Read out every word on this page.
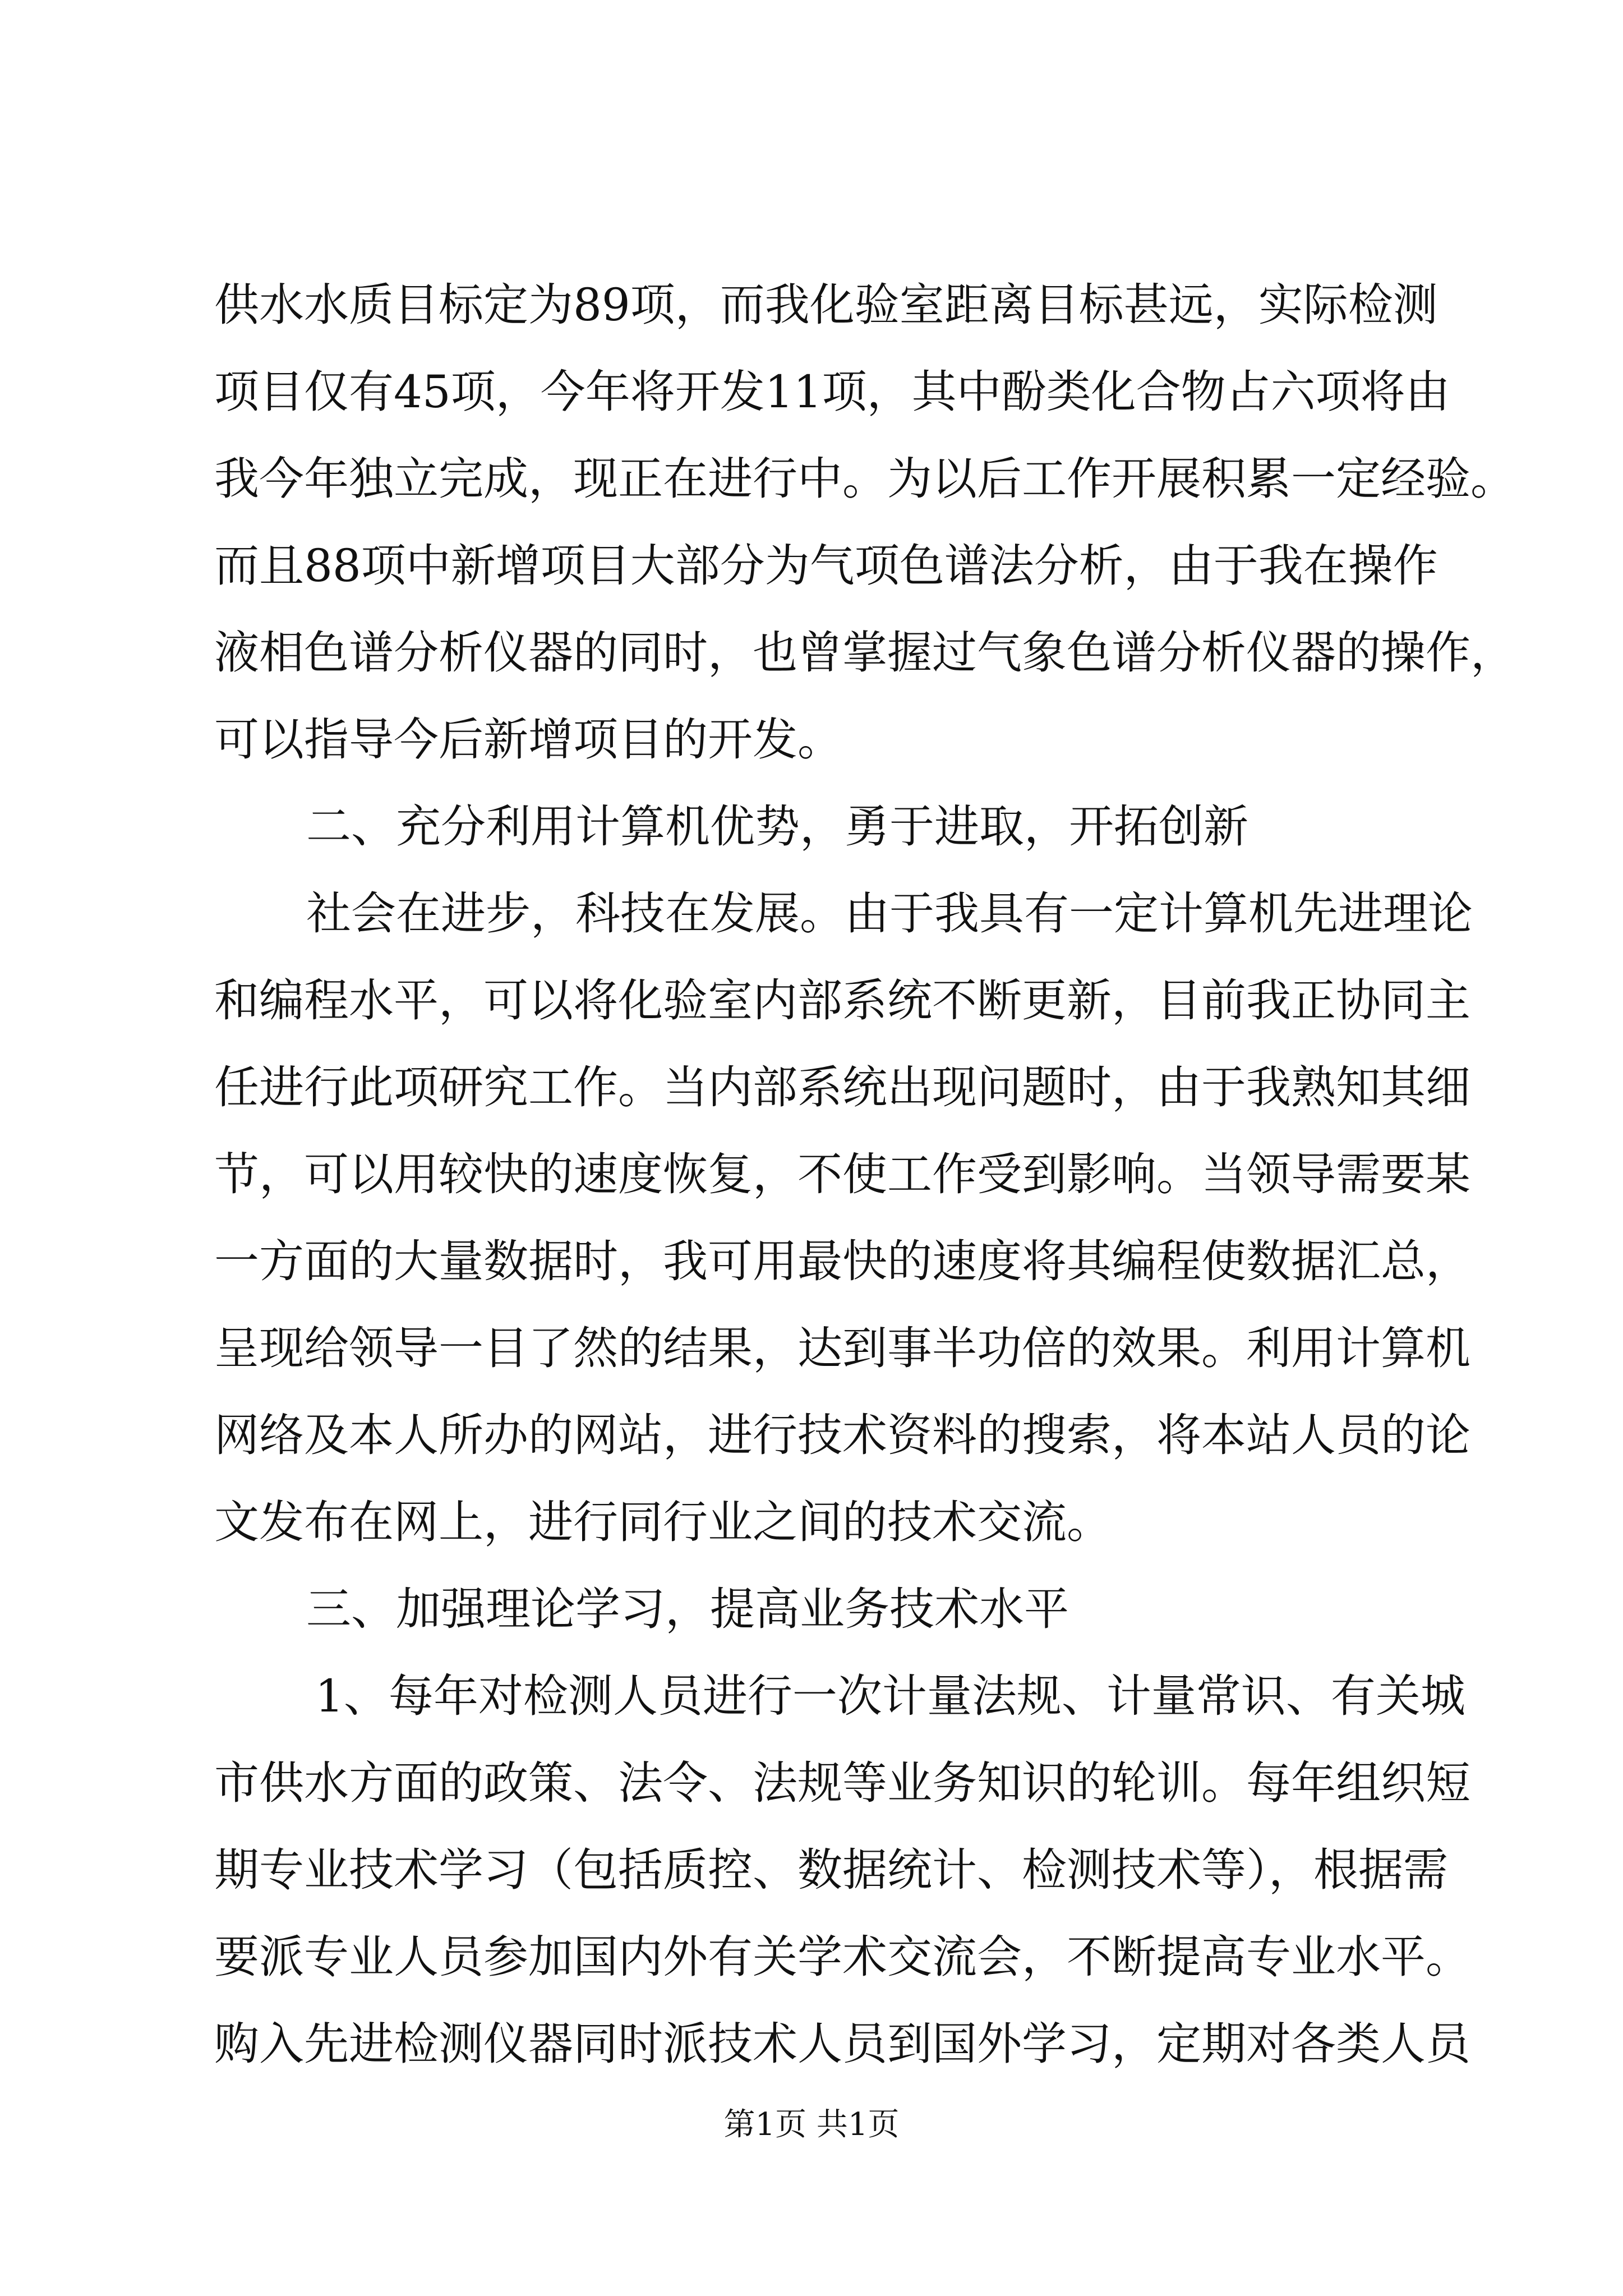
供水水质目标定为89项，而我化验室距离目标甚远，实际检测
项目仅有45项，今年将开发11项，其中酚类化合物占六项将由
我今年独立完成，现正在进行中。为以后工作开展积累一定经验。
而且88项中新增项目大部分为气项色谱法分析，由于我在操作
液相色谱分析仪器的同时，也曾掌握过气象色谱分析仪器的操作，
可以指导今后新增项目的开发。
二、充分利用计算机优势，勇于进取，开拓创新
社会在进步，科技在发展。由于我具有一定计算机先进理论
和编程水平，可以将化验室内部系统不断更新，目前我正协同主
任进行此项研究工作。当内部系统出现问题时，由于我熟知其细
节，可以用较快的速度恢复，不使工作受到影响。当领导需要某
一方面的大量数据时，我可用最快的速度将其编程使数据汇总，
呈现给领导一目了然的结果，达到事半功倍的效果。利用计算机
网络及本人所办的网站，进行技术资料的搜索，将本站人员的论
文发布在网上，进行同行业之间的技术交流。
三、加强理论学习，提高业务技术水平
1、每年对检测人员进行一次计量法规、计量常识、有关城
市供水方面的政策、法令、法规等业务知识的轮训。每年组织短
期专业技术学习（包括质控、数据统计、检测技术等），根据需
要派专业人员参加国内外有关学术交流会，不断提高专业水平。
购入先进检测仪器同时派技术人员到国外学习，定期对各类人员
第1页 共1页
